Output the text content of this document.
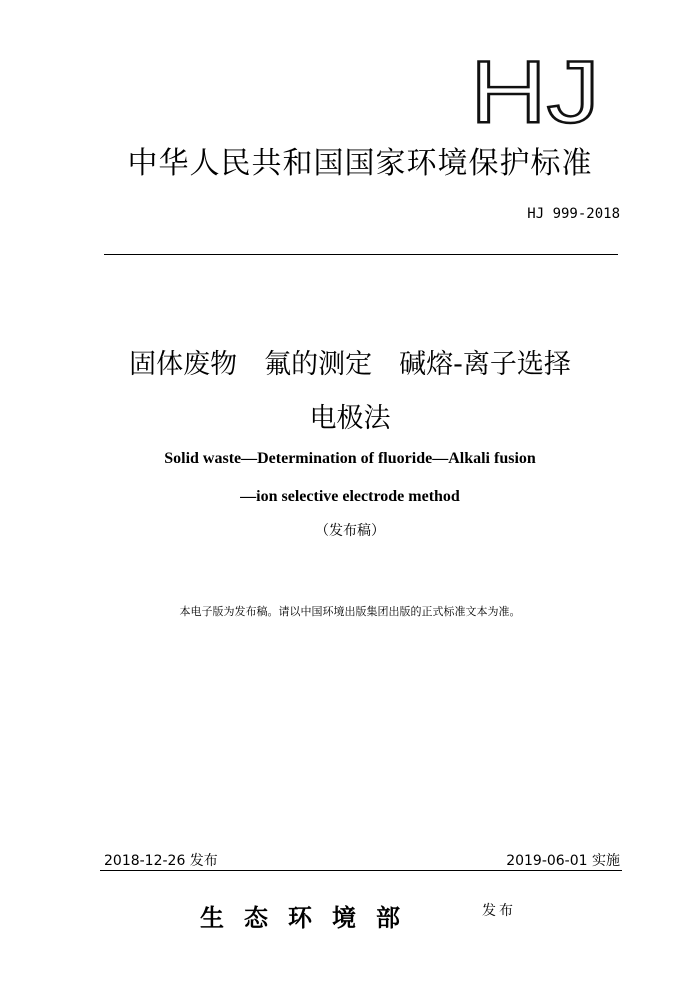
HJ
中华人民共和国国家环境保护标准
HJ 999-2018
固体废物　氟的测定　碱熔-离子选择
电极法
Solid waste—Determination of fluoride—Alkali fusion
—ion selective electrode method
（发布稿）
本电子版为发布稿。请以中国环境出版集团出版的正式标准文本为准。
2018-12-26 发布	2019-06-01 实施
生态环境部	发布
